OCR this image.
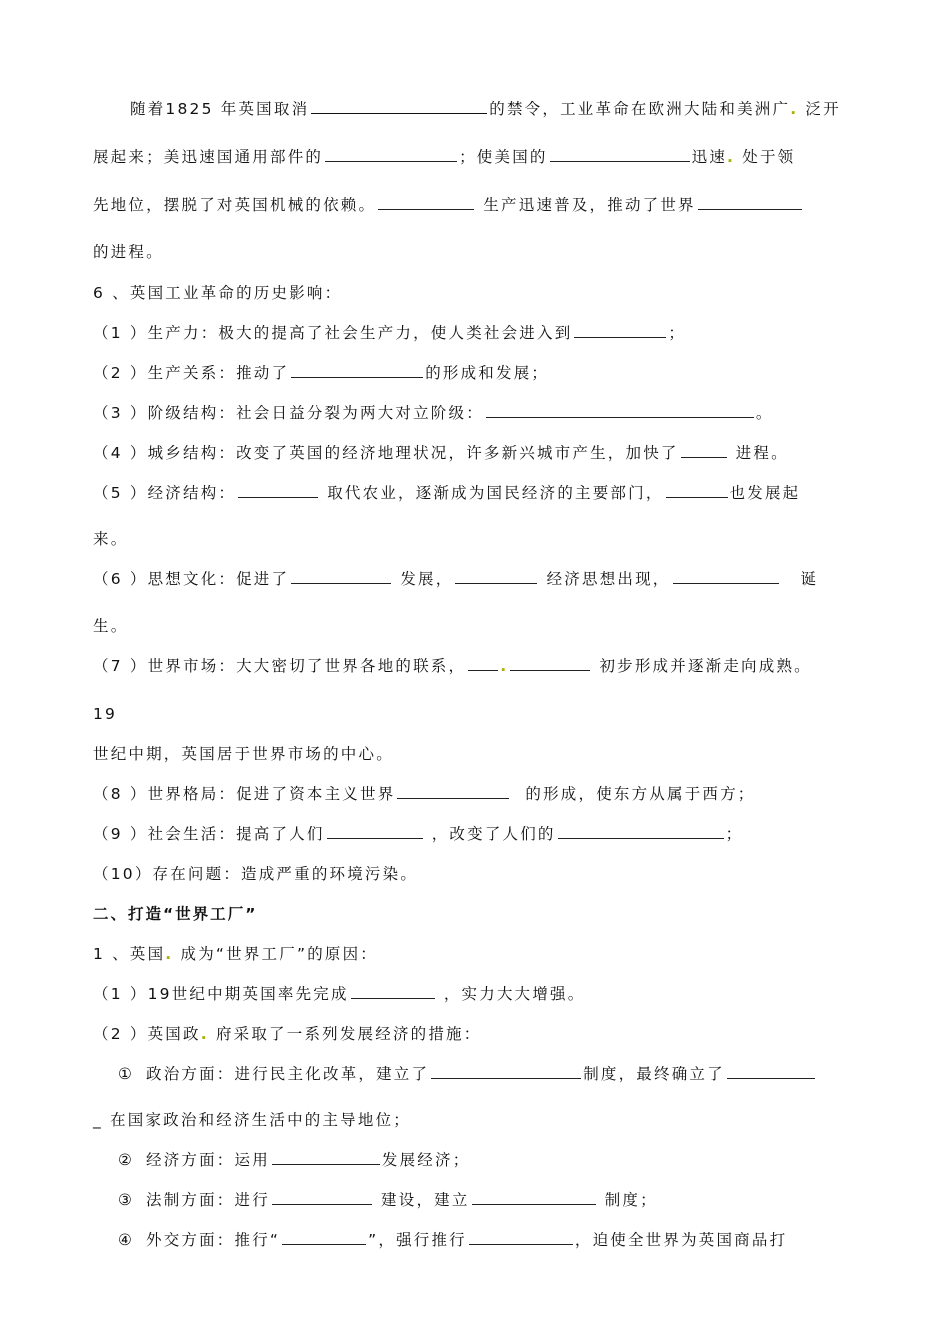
随着1825 年英国取消	的禁令，工业革命在欧洲大陆和美洲广. 泛开
展起来；美迅速国通用部件的	；使美国的	迅速. 处于领
先地位，摆脱了对英国机械的依赖。	生产迅速普及，推动了世界
的进程。
6 、英国工业革命的历史影响：
（1 ）生产力：极大的提高了社会生产力，使人类社会进入到	；
（2 ）生产关系：推动了	的形成和发展；
（3 ）阶级结构：社会日益分裂为两大对立阶级：	。
（4 ）城乡结构：改变了英国的经济地理状况，许多新兴城市产生，加快了	进程。
（5 ）经济结构：	取代农业，逐渐成为国民经济的主要部门，	也发展起
来。
（6 ）思想文化：促进了	发展，	经济思想出现，	诞
生。
（7 ）世界市场：大大密切了世界各地的联系， .	初步形成并逐渐走向成熟。
19
世纪中期，英国居于世界市场的中心。
（8 ）世界格局：促进了资本主义世界	的形成，使东方从属于西方；
（9 ）社会生活：提高了人们	，改变了人们的	；
（10）存在问题：造成严重的环境污染。
二、打造“世界工厂”
1 、英国. 成为“世界工厂”的原因：
（1 ）19世纪中期英国率先完成	，实力大大增强。
（2 ）英国政. 府采取了一系列发展经济的措施：
① 政治方面：进行民主化改革，建立了	制度，最终确立了
_ 在国家政治和经济生活中的主导地位；
② 经济方面：运用	发展经济；
③ 法制方面：进行	建设，建立	制度；
④ 外交方面：推行“	”，强行推行	，迫使全世界为英国商品打
